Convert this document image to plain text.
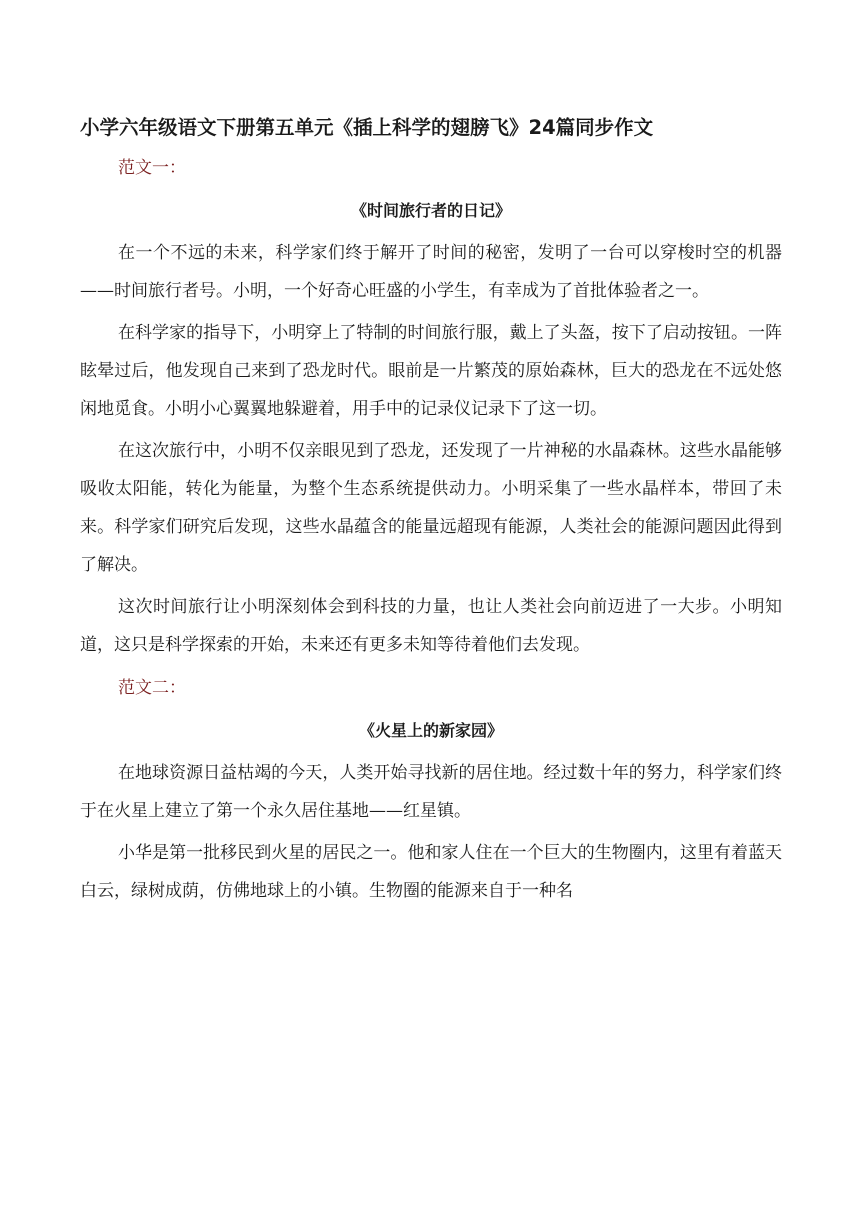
小学六年级语文下册第五单元《插上科学的翅膀飞》24篇同步作文

范文一：

《时间旅行者的日记》

在一个不远的未来，科学家们终于解开了时间的秘密，发明了一台可以穿梭时空的机器——时间旅行者号。小明，一个好奇心旺盛的小学生，有幸成为了首批体验者之一。

在科学家的指导下，小明穿上了特制的时间旅行服，戴上了头盔，按下了启动按钮。一阵眩晕过后，他发现自己来到了恐龙时代。眼前是一片繁茂的原始森林，巨大的恐龙在不远处悠闲地觅食。小明小心翼翼地躲避着，用手中的记录仪记录下了这一切。

在这次旅行中，小明不仅亲眼见到了恐龙，还发现了一片神秘的水晶森林。这些水晶能够吸收太阳能，转化为能量，为整个生态系统提供动力。小明采集了一些水晶样本，带回了未来。科学家们研究后发现，这些水晶蕴含的能量远超现有能源，人类社会的能源问题因此得到了解决。

这次时间旅行让小明深刻体会到科技的力量，也让人类社会向前迈进了一大步。小明知道，这只是科学探索的开始，未来还有更多未知等待着他们去发现。

范文二：

《火星上的新家园》

在地球资源日益枯竭的今天，人类开始寻找新的居住地。经过数十年的努力，科学家们终于在火星上建立了第一个永久居住基地——红星镇。

小华是第一批移民到火星的居民之一。他和家人住在一个巨大的生物圈内，这里有着蓝天白云，绿树成荫，仿佛地球上的小镇。生物圈的能源来自于一种名
